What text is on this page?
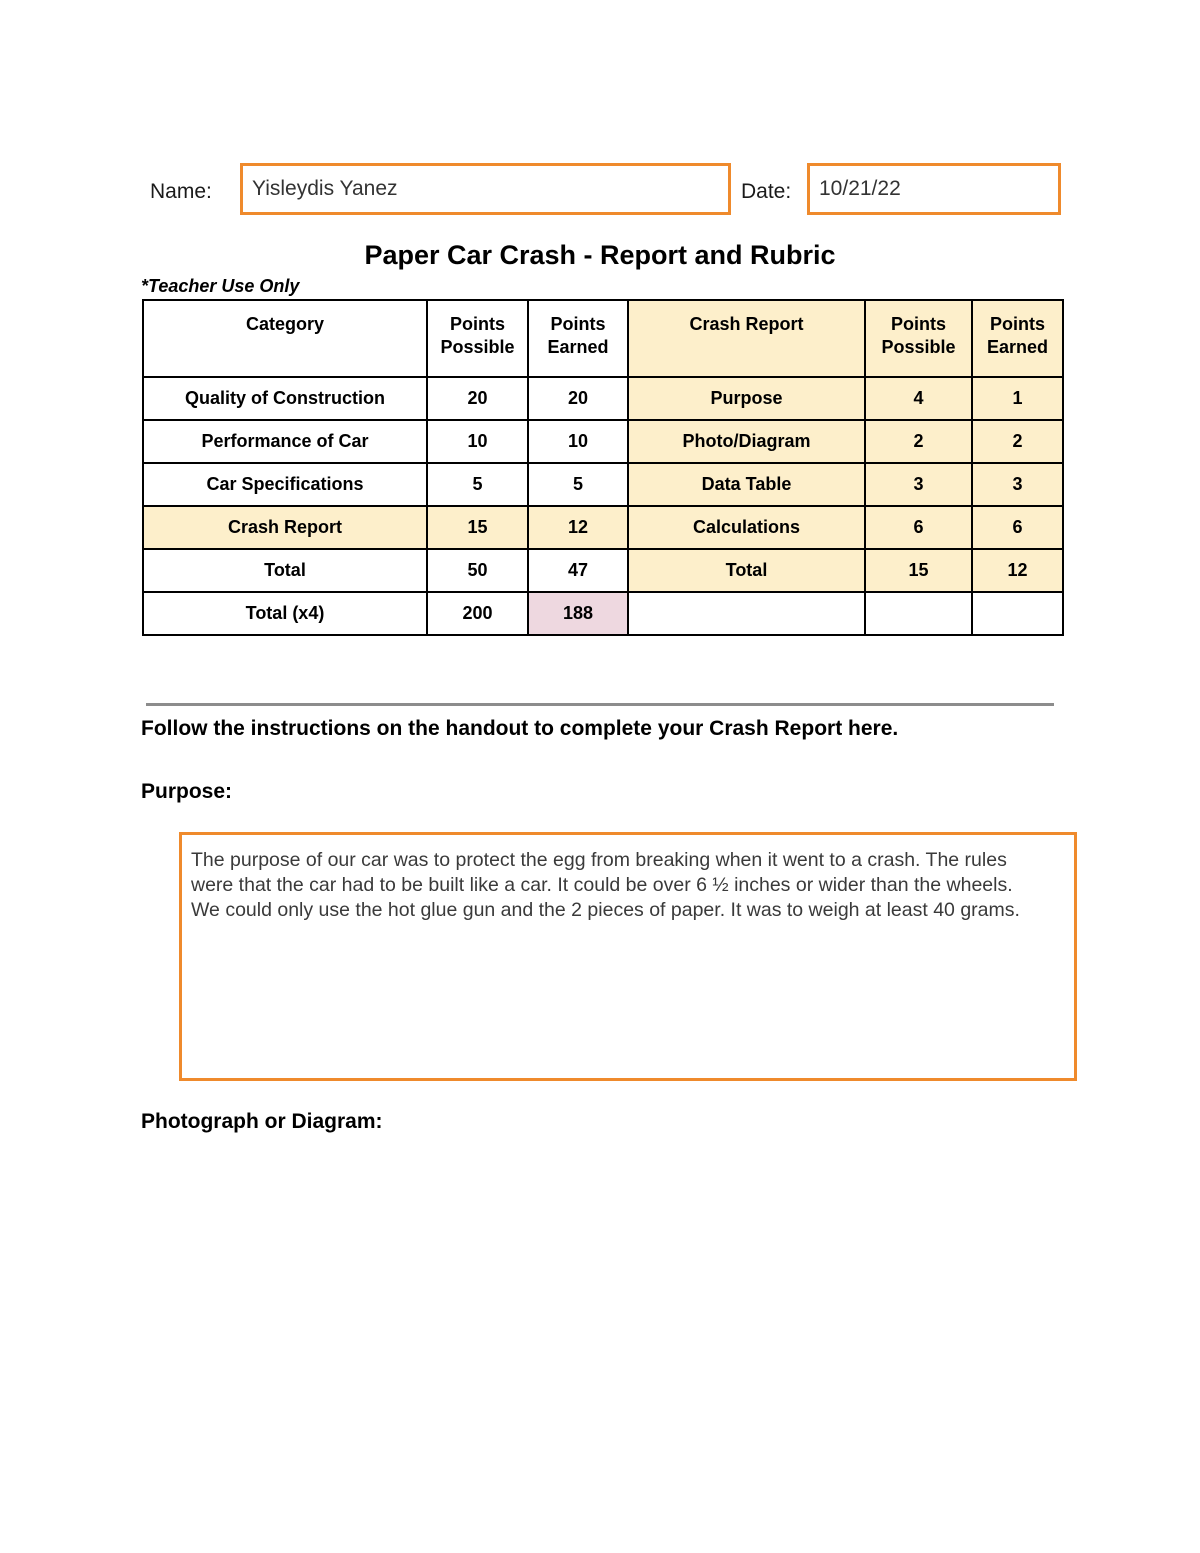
Name:	Yisleydis Yanez	Date:	10/21/22
Paper Car Crash - Report and Rubric
*Teacher Use Only
Category	Points Possible	Points Earned	Crash Report	Points Possible	Points Earned
Quality of Construction	20	20	Purpose	4	1
Performance of Car	10	10	Photo/Diagram	2	2
Car Specifications	5	5	Data Table	3	3
Crash Report	15	12	Calculations	6	6
Total	50	47	Total	15	12
Total (x4)	200	188			
Follow the instructions on the handout to complete your Crash Report here.
Purpose:
The purpose of our car was to protect the egg from breaking when it went to a crash. The rules were that the car had to be built like a car. It could be over 6 ½ inches or wider than the wheels. We could only use the hot glue gun and the 2 pieces of paper. It was to weigh at least 40 grams.
Photograph or Diagram:
